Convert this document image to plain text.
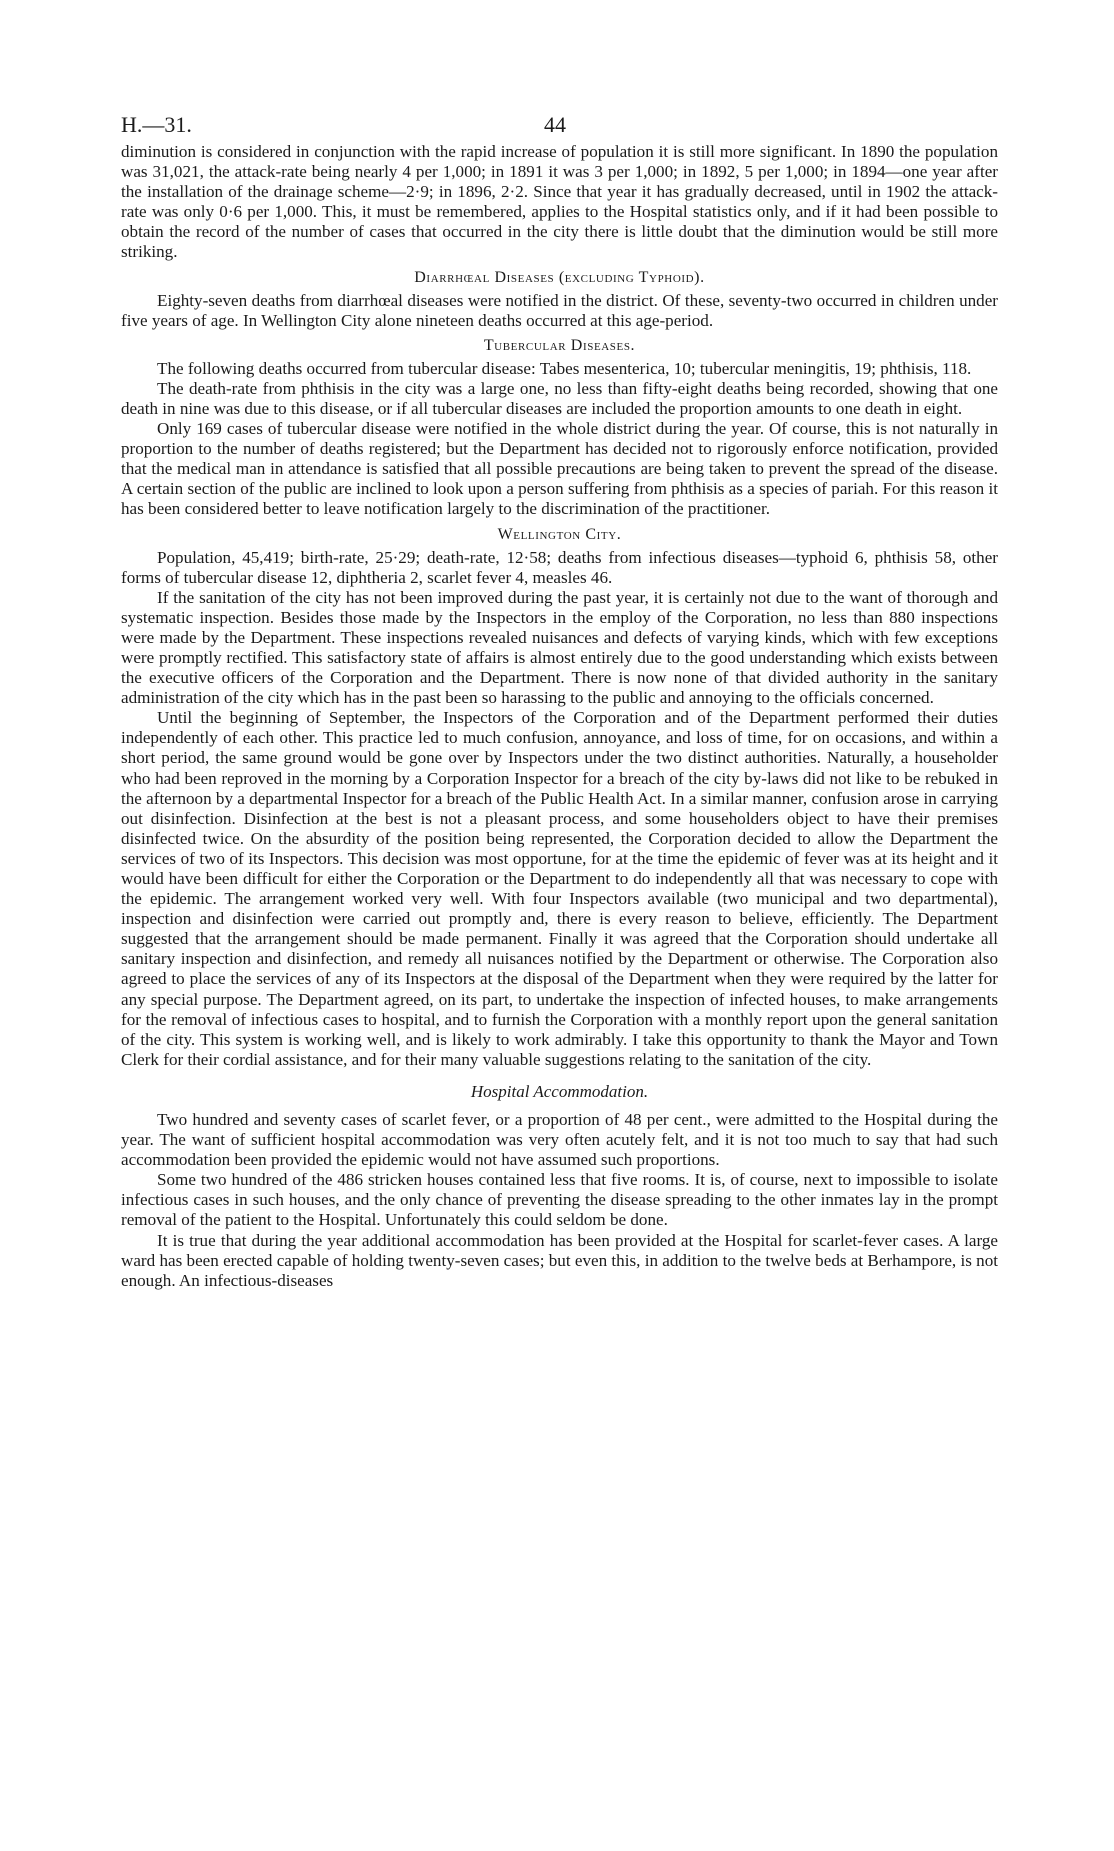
H.—31.	44

diminution is considered in conjunction with the rapid increase of population it is still more significant. In 1890 the population was 31,021, the attack-rate being nearly 4 per 1,000; in 1891 it was 3 per 1,000; in 1892, 5 per 1,000; in 1894—one year after the installation of the drainage scheme—2·9; in 1896, 2·2. Since that year it has gradually decreased, until in 1902 the attack-rate was only 0·6 per 1,000. This, it must be remembered, applies to the Hospital statistics only, and if it had been possible to obtain the record of the number of cases that occurred in the city there is little doubt that the diminution would be still more striking.

Diarrhœal Diseases (excluding Typhoid).

Eighty-seven deaths from diarrhœal diseases were notified in the district. Of these, seventy-two occurred in children under five years of age. In Wellington City alone nineteen deaths occurred at this age-period.

Tubercular Diseases.

The following deaths occurred from tubercular disease: Tabes mesenterica, 10; tubercular meningitis, 19; phthisis, 118.

The death-rate from phthisis in the city was a large one, no less than fifty-eight deaths being recorded, showing that one death in nine was due to this disease, or if all tubercular diseases are included the proportion amounts to one death in eight.

Only 169 cases of tubercular disease were notified in the whole district during the year. Of course, this is not naturally in proportion to the number of deaths registered; but the Department has decided not to rigorously enforce notification, provided that the medical man in attendance is satisfied that all possible precautions are being taken to prevent the spread of the disease. A certain section of the public are inclined to look upon a person suffering from phthisis as a species of pariah. For this reason it has been considered better to leave notification largely to the discrimination of the practitioner.

Wellington City.

Population, 45,419; birth-rate, 25·29; death-rate, 12·58; deaths from infectious diseases—typhoid 6, phthisis 58, other forms of tubercular disease 12, diphtheria 2, scarlet fever 4, measles 46.

If the sanitation of the city has not been improved during the past year, it is certainly not due to the want of thorough and systematic inspection. Besides those made by the Inspectors in the employ of the Corporation, no less than 880 inspections were made by the Department. These inspections revealed nuisances and defects of varying kinds, which with few exceptions were promptly rectified. This satisfactory state of affairs is almost entirely due to the good understanding which exists between the executive officers of the Corporation and the Department. There is now none of that divided authority in the sanitary administration of the city which has in the past been so harassing to the public and annoying to the officials concerned.

Until the beginning of September, the Inspectors of the Corporation and of the Department performed their duties independently of each other. This practice led to much confusion, annoyance, and loss of time, for on occasions, and within a short period, the same ground would be gone over by Inspectors under the two distinct authorities. Naturally, a householder who had been reproved in the morning by a Corporation Inspector for a breach of the city by-laws did not like to be rebuked in the afternoon by a departmental Inspector for a breach of the Public Health Act. In a similar manner, confusion arose in carrying out disinfection. Disinfection at the best is not a pleasant process, and some householders object to have their premises disinfected twice. On the absurdity of the position being represented, the Corporation decided to allow the Department the services of two of its Inspectors. This decision was most opportune, for at the time the epidemic of fever was at its height and it would have been difficult for either the Corporation or the Department to do independently all that was necessary to cope with the epidemic. The arrangement worked very well. With four Inspectors available (two municipal and two departmental), inspection and disinfection were carried out promptly and, there is every reason to believe, efficiently. The Department suggested that the arrangement should be made permanent. Finally it was agreed that the Corporation should undertake all sanitary inspection and disinfection, and remedy all nuisances notified by the Department or otherwise. The Corporation also agreed to place the services of any of its Inspectors at the disposal of the Department when they were required by the latter for any special purpose. The Department agreed, on its part, to undertake the inspection of infected houses, to make arrangements for the removal of infectious cases to hospital, and to furnish the Corporation with a monthly report upon the general sanitation of the city. This system is working well, and is likely to work admirably. I take this opportunity to thank the Mayor and Town Clerk for their cordial assistance, and for their many valuable suggestions relating to the sanitation of the city.

Hospital Accommodation.

Two hundred and seventy cases of scarlet fever, or a proportion of 48 per cent., were admitted to the Hospital during the year. The want of sufficient hospital accommodation was very often acutely felt, and it is not too much to say that had such accommodation been provided the epidemic would not have assumed such proportions.

Some two hundred of the 486 stricken houses contained less that five rooms. It is, of course, next to impossible to isolate infectious cases in such houses, and the only chance of preventing the disease spreading to the other inmates lay in the prompt removal of the patient to the Hospital. Unfortunately this could seldom be done.

It is true that during the year additional accommodation has been provided at the Hospital for scarlet-fever cases. A large ward has been erected capable of holding twenty-seven cases; but even this, in addition to the twelve beds at Berhampore, is not enough. An infectious-diseases
